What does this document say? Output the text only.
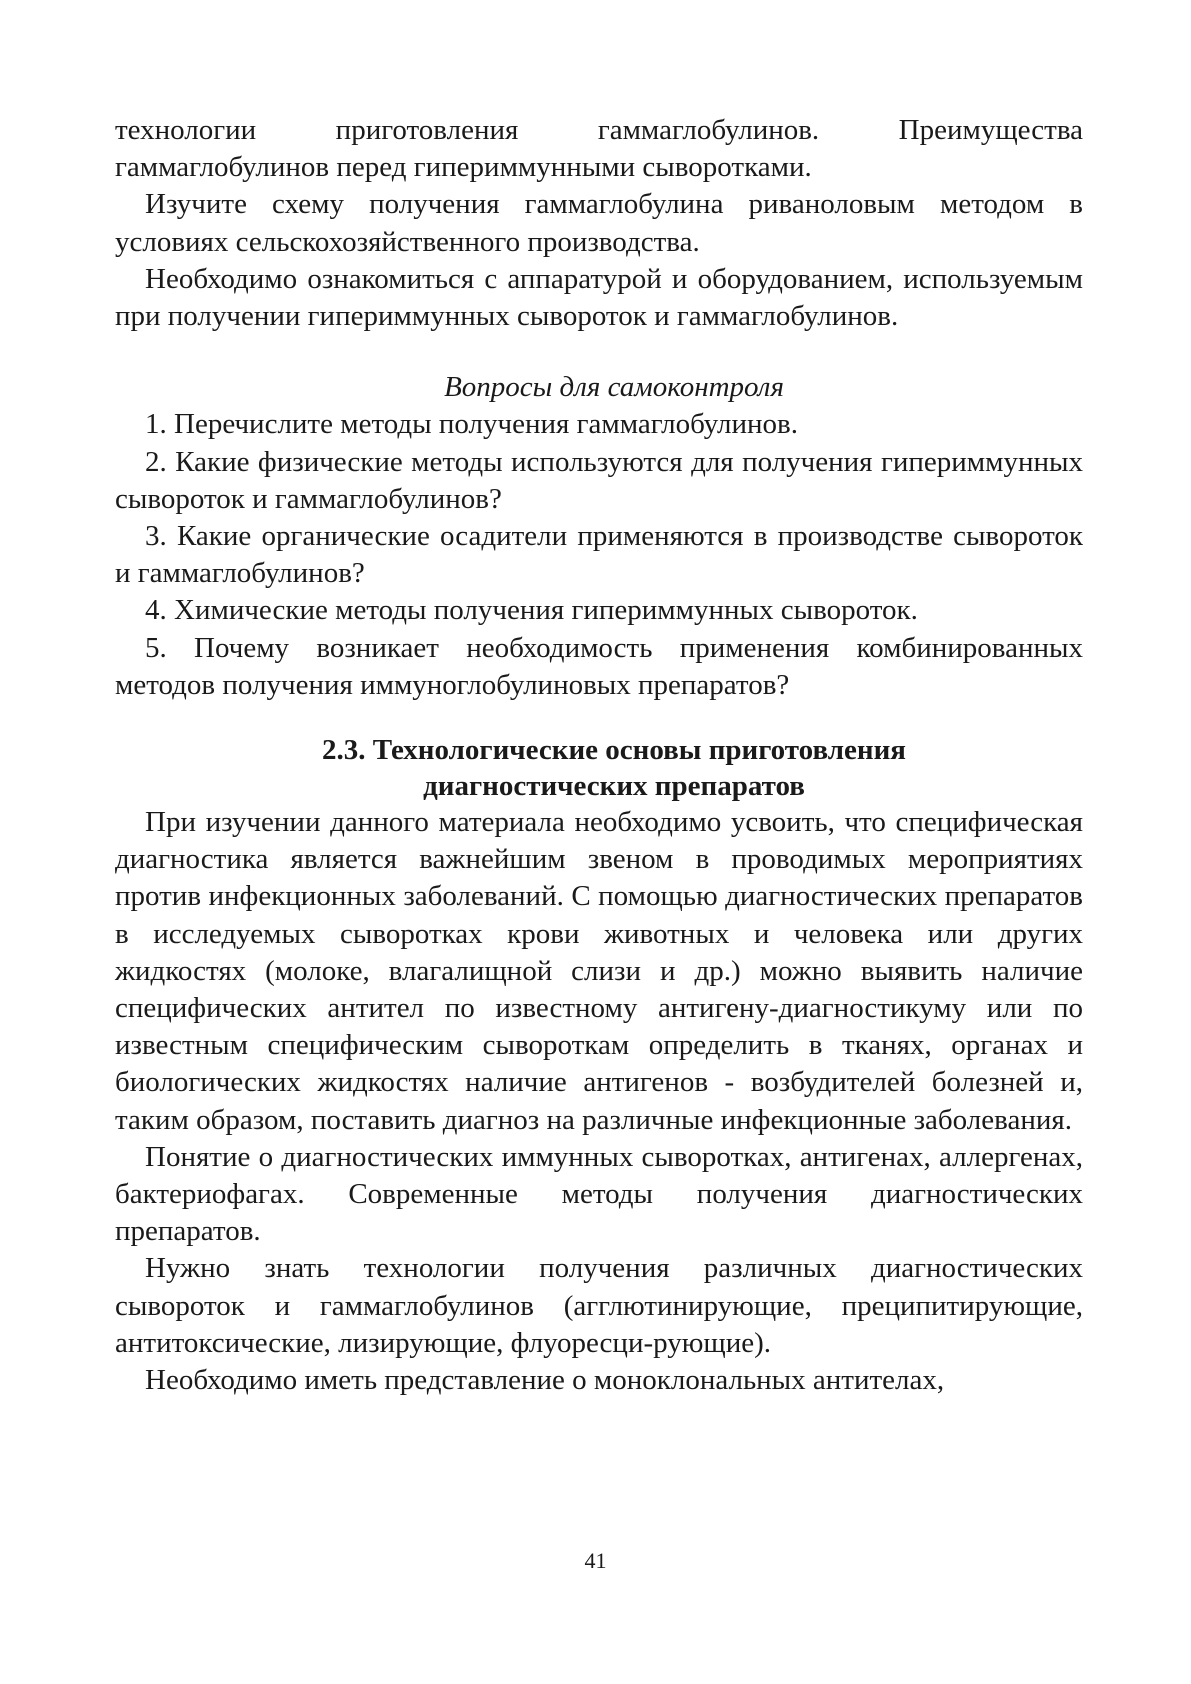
технологии приготовления гаммаглобулинов. Преимущества гаммаглобулинов перед гипериммунными сыворотками.

Изучите схему получения гаммаглобулина риваноловым методом в условиях сельскохозяйственного производства.

Необходимо ознакомиться с аппаратурой и оборудованием, используемым при получении гипериммунных сывороток и гаммаглобулинов.

Вопросы для самоконтроля

1. Перечислите методы получения гаммаглобулинов.

2. Какие физические методы используются для получения гипериммунных сывороток и гаммаглобулинов?

3. Какие органические осадители применяются в производстве сывороток и гаммаглобулинов?

4. Химические методы получения гипериммунных сывороток.

5. Почему возникает необходимость применения комбинированных методов получения иммуноглобулиновых препаратов?

2.3. Технологические основы приготовления

диагностических препаратов

При изучении данного материала необходимо усвоить, что специфическая диагностика является важнейшим звеном в проводимых мероприятиях против инфекционных заболеваний. С помощью диагностических препаратов в исследуемых сыворотках крови животных и человека или других жидкостях (молоке, влагалищной слизи и др.) можно выявить наличие специфических антител по известному антигену-диагностикуму или по известным специфическим сывороткам определить в тканях, органах и биологических жидкостях наличие антигенов - возбудителей болезней и, таким образом, поставить диагноз на различные инфекционные заболевания.

Понятие о диагностических иммунных сыворотках, антигенах, аллергенах, бактериофагах. Современные методы получения диагностических препаратов.

Нужно знать технологии получения различных диагностических сывороток и гаммаглобулинов (агглютинирующие, преципитирующие, антитоксические, лизирующие, флуоресци-рующие).

Необходимо иметь представление о моноклональных антителах,

41
